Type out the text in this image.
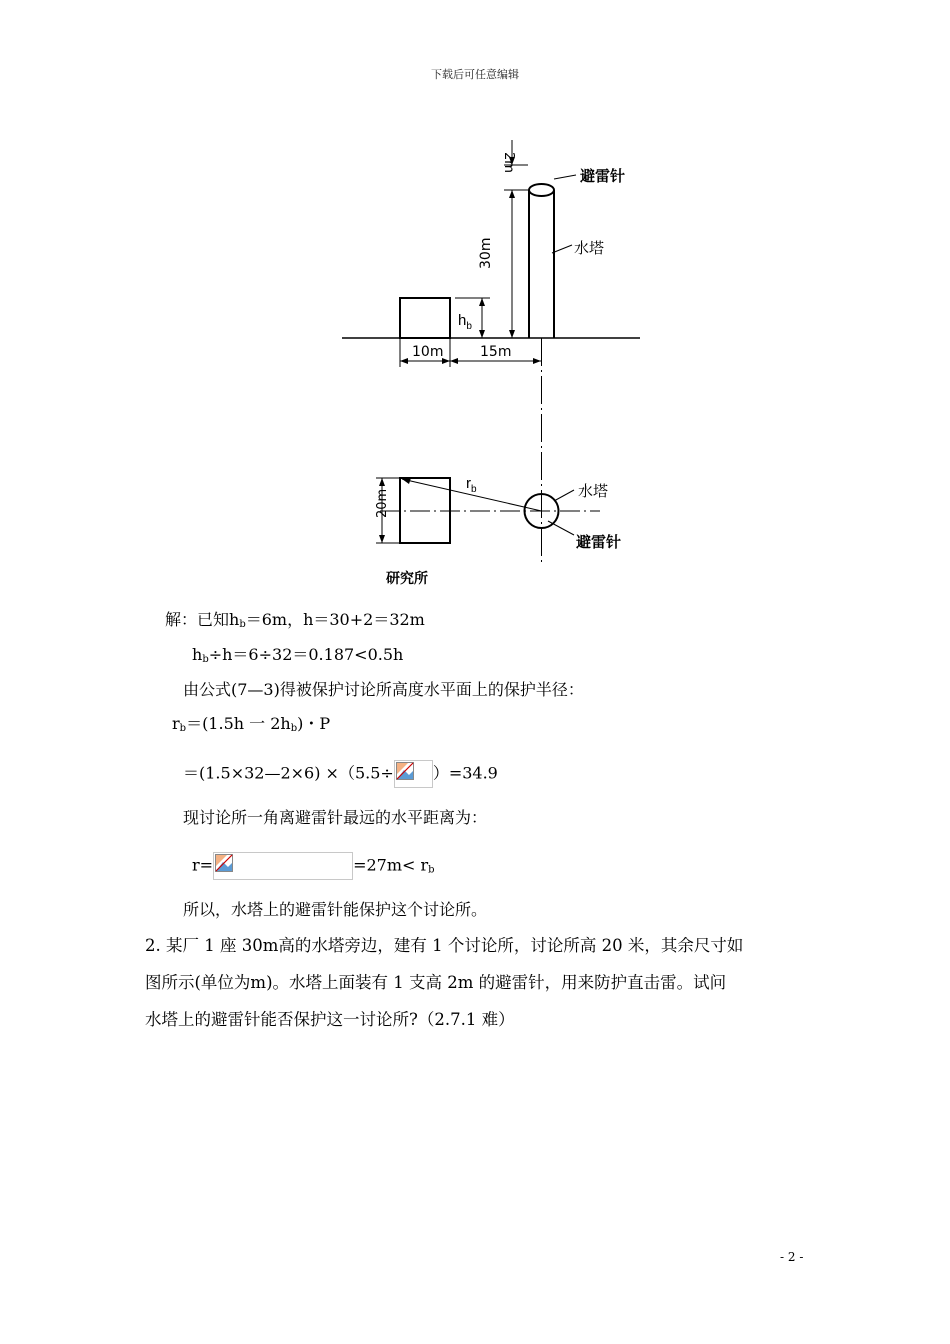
下载后可任意编辑
2m
避雷针
30m	水塔
$h_b$
10m	15m
$r_b$	水塔
避雷针
20m
研究所
解：已知$h_b=6m$，h＝30+2＝32m
$h_b\div h=6\div 32=0.187<0.5h$
由公式(7—3)得被保护讨论所高度水平面上的保护半径：
$r_b=(1.5h$ 一 $2h_b$)・P
＝(1.5×32—2×6) ×（5.5÷ ）=34.9
现讨论所一角离避雷针最远的水平距离为：
r=	$=27m< r_b$
所以，水塔上的避雷针能保护这个讨论所。
2. 某厂 1 座 30m高的水塔旁边，建有 1 个讨论所，讨论所高 20 米，其余尺寸如
图所示(单位为m)。水塔上面装有 1 支高 2m 的避雷针，用来防护直击雷。试问
水塔上的避雷针能否保护这一讨论所?（2.7.1 难）
- 2 -
